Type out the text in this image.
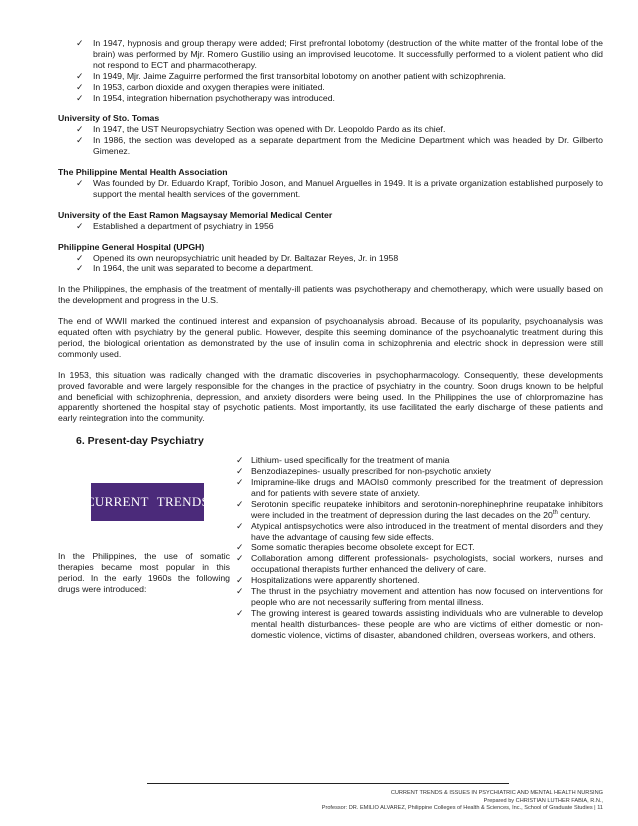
✓ In 1947, hypnosis and group therapy were added; First prefrontal lobotomy (destruction of the white matter of the frontal lobe of the brain) was performed by Mjr. Romero Gustilio using an improvised leucotome. It successfully performed to a violent patient who did not respond to ECT and pharmacotherapy.
✓ In 1949, Mjr. Jaime Zaguirre performed the first transorbital lobotomy on another patient with schizophrenia.
✓ In 1953, carbon dioxide and oxygen therapies were initiated.
✓ In 1954, integration hibernation psychotherapy was introduced.
University of Sto. Tomas
✓ In 1947, the UST Neuropsychiatry Section was opened with Dr. Leopoldo Pardo as its chief.
✓ In 1986, the section was developed as a separate department from the Medicine Department which was headed by Dr. Gilberto Gimenez.
The Philippine Mental Health Association
✓ Was founded by Dr. Eduardo Krapf, Toribio Joson, and Manuel Arguelles in 1949. It is a private organization established purposely to support the mental health services of the government.
University of the East Ramon Magsaysay Memorial Medical Center
✓ Established a department of psychiatry in 1956
Philippine General Hospital (UPGH)
✓ Opened its own neuropsychiatric unit headed by Dr. Baltazar Reyes, Jr. in 1958
✓ In 1964, the unit was separated to become a department.

In the Philippines, the emphasis of the treatment of mentally-ill patients was psychotherapy and chemotherapy, which were usually based on the development and progress in the U.S.

The end of WWII marked the continued interest and expansion of psychoanalysis abroad. Because of its popularity, psychoanalysis was equated often with psychiatry by the general public. However, despite this seeming dominance of the psychoanalytic treatment during this period, the biological orientation as demonstrated by the use of insulin coma in schizophrenia and electric shock in depression were still commonly used.

In 1953, this situation was radically changed with the dramatic discoveries in psychopharmacology. Consequently, these developments proved favorable and were largely responsible for the changes in the practice of psychiatry in the country. Soon drugs known to be helpful and beneficial with schizophrenia, depression, and anxiety disorders were being used. In the Philippines the use of chlorpromazine has apparently shortened the hospital stay of psychotic patients. Most importantly, its use facilitated the early discharge of these patients and early reintegration into the community.

6. Present-day Psychiatry
CURRENT TRENDS
In the Philippines, the use of somatic therapies became most popular in this period. In the early 1960s the following drugs were introduced:
✓ Lithium- used specifically for the treatment of mania
✓ Benzodiazepines- usually prescribed for non-psychotic anxiety
✓ Imipramine-like drugs and MAOIs0 commonly prescribed for the treatment of depression and for patients with severe state of anxiety.
✓ Serotonin specific reupateke inhibitors and serotonin-norephinephrine reupatake inhibitors were included in the treatment of depression during the last decades on the 20th century.
✓ Atypical antispsychotics were also introduced in the treatment of mental disorders and they have the advantage of causing few side effects.
✓ Some somatic therapies become obsolete except for ECT.
✓ Collaboration among different professionals- psychologists, social workers, nurses and occupational therapists further enhanced the delivery of care.
✓ Hospitalizations were apparently shortened.
✓ The thrust in the psychiatry movement and attention has now focused on interventions for people who are not necessarily suffering from mental illness.
✓ The growing interest is geared towards assisting individuals who are vulnerable to develop mental health disturbances- these people are who are victims of either domestic or non-domestic violence, victims of disaster, abandoned children, overseas workers, and others.
CURRENT TRENDS & ISSUES IN PSYCHIATRIC AND MENTAL HEALTH NURSING
Prepared by CHRISTIAN LUTHER FABIA, R.N.,
Professor: DR. EMILIO ALVAREZ, Philippine Colleges of Health & Sciences, Inc., School of Graduate Studies | 11
